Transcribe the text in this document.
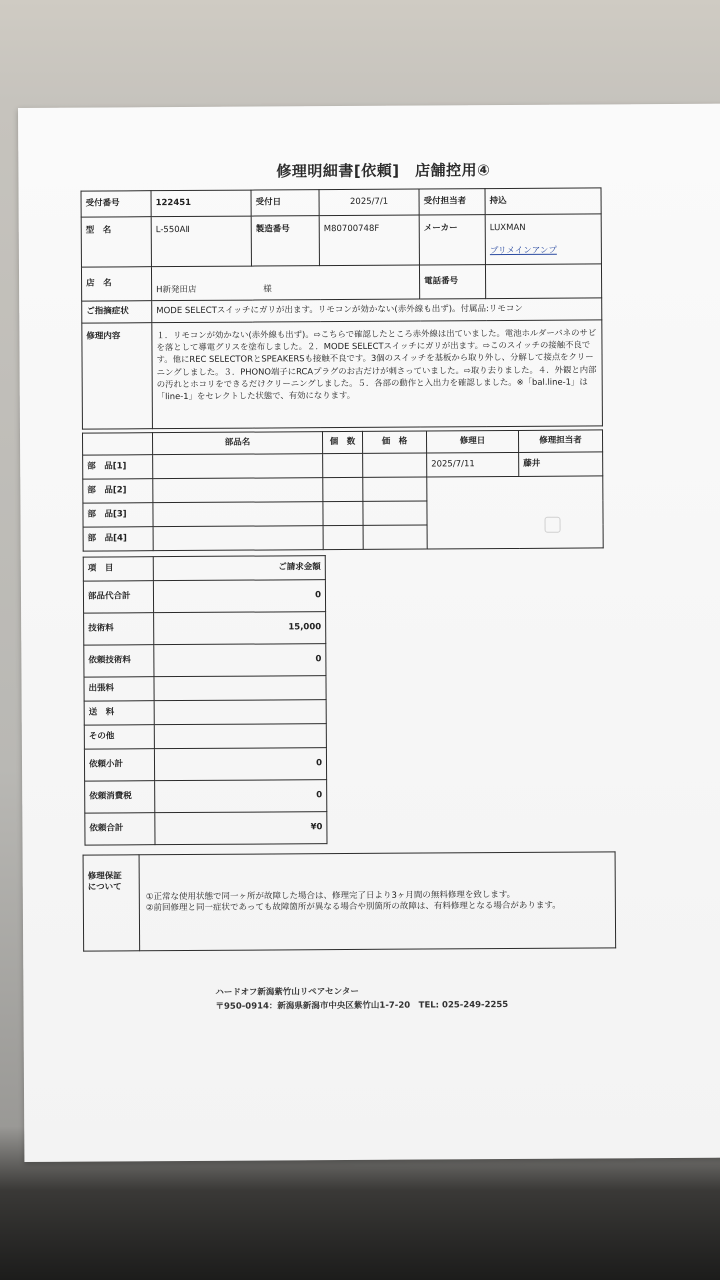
修理明細書[依頼]　店舗控用④
受付番号	122451	受付日	2025/7/1	受付担当者	持込
型　名	L-550AⅡ	製造番号	M80700748F	メーカー	LUXMAN
プリメインアンプ

店　名	H新発田店 様			電話番号	
ご指摘症状	MODE SELECTスイッチにガリが出ます。リモコンが効かない(赤外線も出ず)。付属品:リモコン				
修理内容	１．リモコンが効かない(赤外線も出ず)。⇨こちらで確認したところ赤外線は出ていました。電池ホルダーバネのサビを落として導電グリスを塗布しました。２．MODE SELECTスイッチにガリが出ます。⇨このスイッチの接触不良です。他にREC SELECTORとSPEAKERSも接触不良です。3個のスイッチを基板から取り外し、分解して接点をクリーニングしました。３．PHONO端子にRCAプラグのお古だけが刺さっていました。⇨取り去りました。４．外観と内部の汚れとホコリをできるだけクリーニングしました。５．各部の動作と入出力を確認しました。※「bal.line-1」は「line-1」をセレクトした状態で、有効になります。				
	部品名	個　数	価　格	修理日	修理担当者
部　品[1]				2025/7/11	藤井
部　品[2]					
部　品[3]					
部　品[4]					
項　目	ご請求金額
部品代合計	0
技術料	15,000
依頼技術料	0
出張料	
送　料	
その他	
依頼小計	0
依頼消費税	0
依頼合計	¥0
修理保証
について

①正常な使用状態で同一ヶ所が故障した場合は、修理完了日より3ヶ月間の無料修理を致します。
②前回修理と同一症状であっても故障箇所が異なる場合や別箇所の故障は、有料修理となる場合があります。
ハードオフ新潟紫竹山リペアセンター
〒950-0914：新潟県新潟市中央区紫竹山1-7-20　TEL: 025-249-2255
